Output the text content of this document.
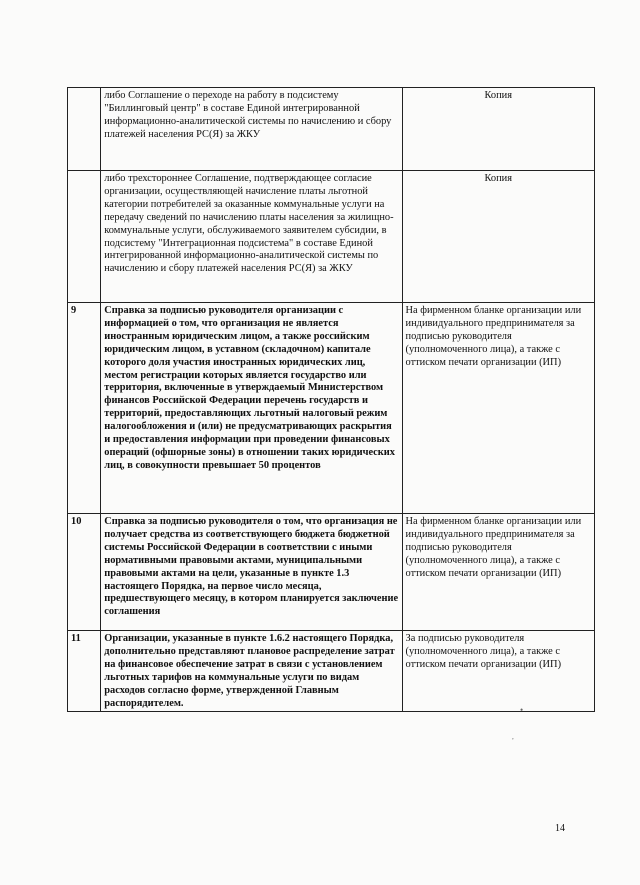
	либо Соглашение о переходе на работу в подсистему "Биллинговый центр" в составе Единой интегрированной информационно-аналитической системы по начислению и сбору платежей населения РС(Я) за ЖКУ	Копия
	либо трехстороннее Соглашение, подтверждающее согласие организации, осуществляющей начисление платы льготной категории потребителей за оказанные коммунальные услуги на передачу сведений по начислению платы населения за жилищно-коммунальные услуги, обслуживаемого заявителем субсидии, в подсистему "Интеграционная подсистема" в составе Единой интегрированной информационно-аналитической системы по начислению и сбору платежей населения РС(Я) за ЖКУ	Копия
9	Справка за подписью руководителя организации с информацией о том, что организация не является иностранным юридическим лицом, а также российским юридическим лицом, в уставном (складочном) капитале которого доля участия иностранных юридических лиц, местом регистрации которых является государство или территория, включенные в утверждаемый Министерством финансов Российской Федерации перечень государств и территорий, предоставляющих льготный налоговый режим налогообложения и (или) не предусматривающих раскрытия и предоставления информации при проведении финансовых операций (офшорные зоны) в отношении таких юридических лиц, в совокупности превышает 50 процентов	На фирменном бланке организации или индивидуального предпринимателя за подписью руководителя (уполномоченного лица), а также с оттиском печати организации (ИП)
10	Справка за подписью руководителя о том, что организация не получает средства из соответствующего бюджета бюджетной системы Российской Федерации в соответствии с иными нормативными правовыми актами, муниципальными правовыми актами на цели, указанные в пункте 1.3 настоящего Порядка, на первое число месяца, предшествующего месяцу, в котором планируется заключение соглашения	На фирменном бланке организации или индивидуального предпринимателя за подписью руководителя (уполномоченного лица), а также с оттиском печати организации (ИП)
11	Организации, указанные в пункте 1.6.2 настоящего Порядка, дополнительно представляют плановое распределение затрат на финансовое обеспечение затрат в связи с установлением льготных тарифов на коммунальные услуги по видам расходов согласно форме, утвержденной Главным распорядителем.	За подписью руководителя (уполномоченного лица), а также с оттиском печати организации (ИП)
•
,
14
